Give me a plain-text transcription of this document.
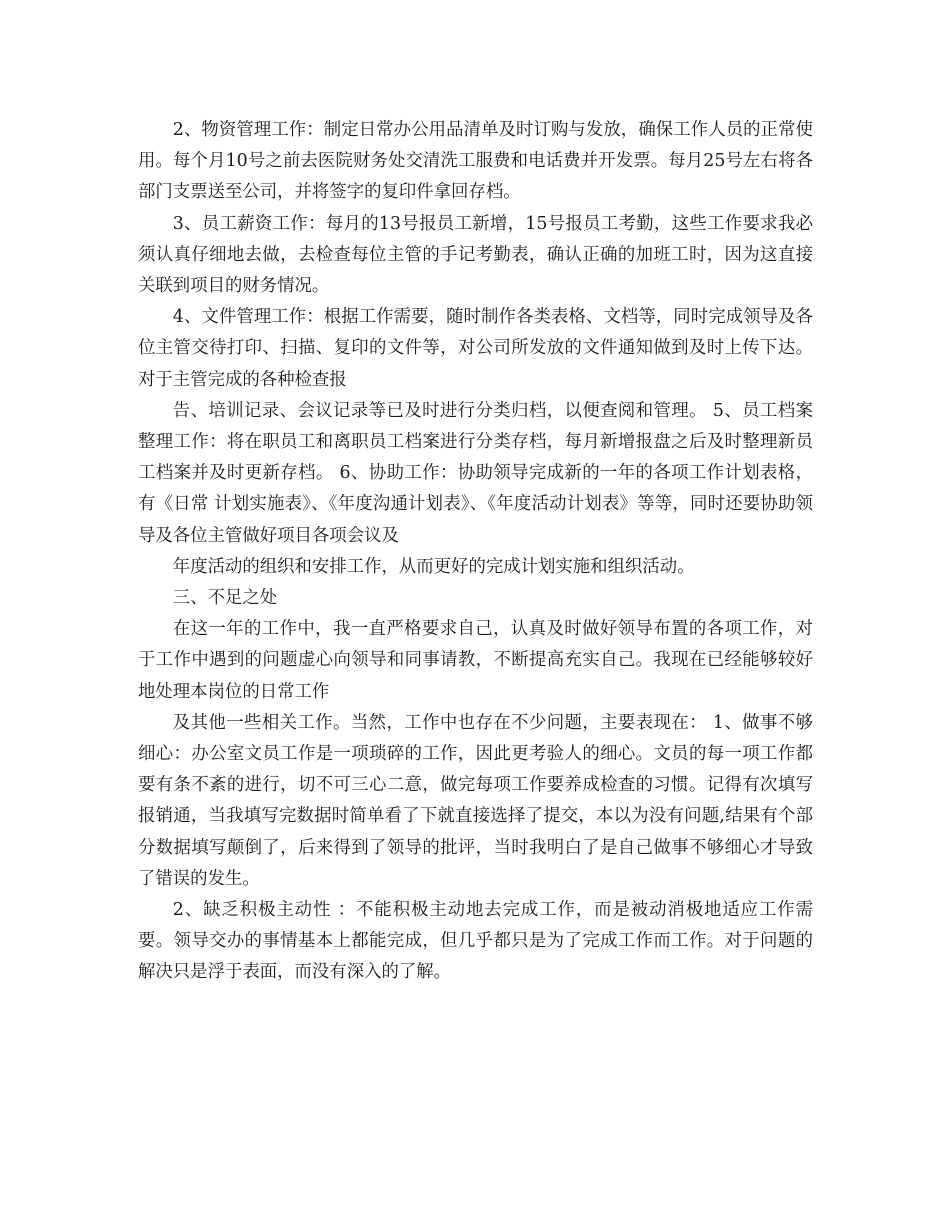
2、物资管理工作：制定日常办公用品清单及时订购与发放，确保工作人员的正常使用。每个月10号之前去医院财务处交清洗工服费和电话费并开发票。每月25号左右将各部门支票送至公司，并将签字的复印件拿回存档。

3、员工薪资工作：每月的13号报员工新增，15号报员工考勤，这些工作要求我必须认真仔细地去做，去检查每位主管的手记考勤表，确认正确的加班工时，因为这直接关联到项目的财务情况。

4、文件管理工作：根据工作需要，随时制作各类表格、文档等，同时完成领导及各位主管交待打印、扫描、复印的文件等，对公司所发放的文件通知做到及时上传下达。对于主管完成的各种检查报

告、培训记录、会议记录等已及时进行分类归档，以便查阅和管理。 5、员工档案整理工作：将在职员工和离职员工档案进行分类存档，每月新增报盘之后及时整理新员工档案并及时更新存档。 6、协助工作：协助领导完成新的一年的各项工作计划表格，有《日常 计划实施表》、《年度沟通计划表》、《年度活动计划表》等等，同时还要协助领导及各位主管做好项目各项会议及

年度活动的组织和安排工作，从而更好的完成计划实施和组织活动。

三、不足之处

在这一年的工作中，我一直严格要求自己，认真及时做好领导布置的各项工作，对于工作中遇到的问题虚心向领导和同事请教，不断提高充实自己。我现在已经能够较好地处理本岗位的日常工作

及其他一些相关工作。当然，工作中也存在不少问题，主要表现在： 1、做事不够细心：办公室文员工作是一项琐碎的工作，因此更考验人的细心。文员的每一项工作都要有条不紊的进行，切不可三心二意，做完每项工作要养成检查的习惯。记得有次填写报销通，当我填写完数据时简单看了下就直接选择了提交，本以为没有问题,结果有个部分数据填写颠倒了，后来得到了领导的批评，当时我明白了是自己做事不够细心才导致了错误的发生。

2、缺乏积极主动性 ：不能积极主动地去完成工作，而是被动消极地适应工作需要。领导交办的事情基本上都能完成，但几乎都只是为了完成工作而工作。对于问题的解决只是浮于表面，而没有深入的了解。
